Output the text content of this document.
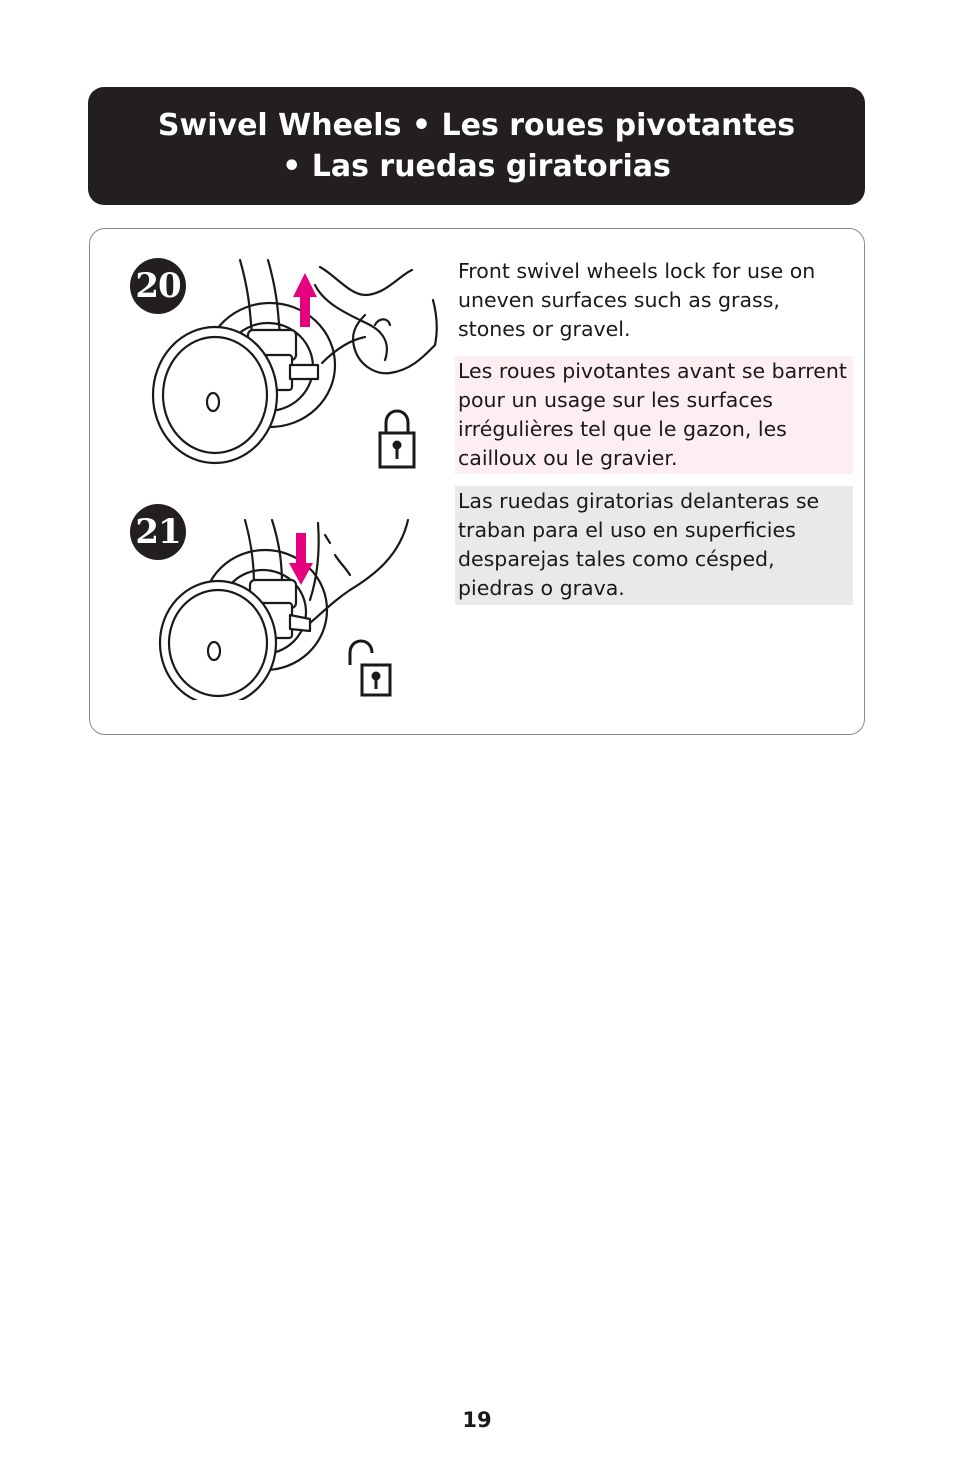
Swivel Wheels • Les roues pivotantes
• Las ruedas giratorias
20
21
Front swivel wheels lock for use on uneven surfaces such as grass, stones or gravel.
Les roues pivotantes avant se barrent pour un usage sur les surfaces irrégulières tel que le gazon, les cailloux ou le gravier.
Las ruedas giratorias delanteras se traban para el uso en superficies desparejas tales como césped, piedras o grava.
19
